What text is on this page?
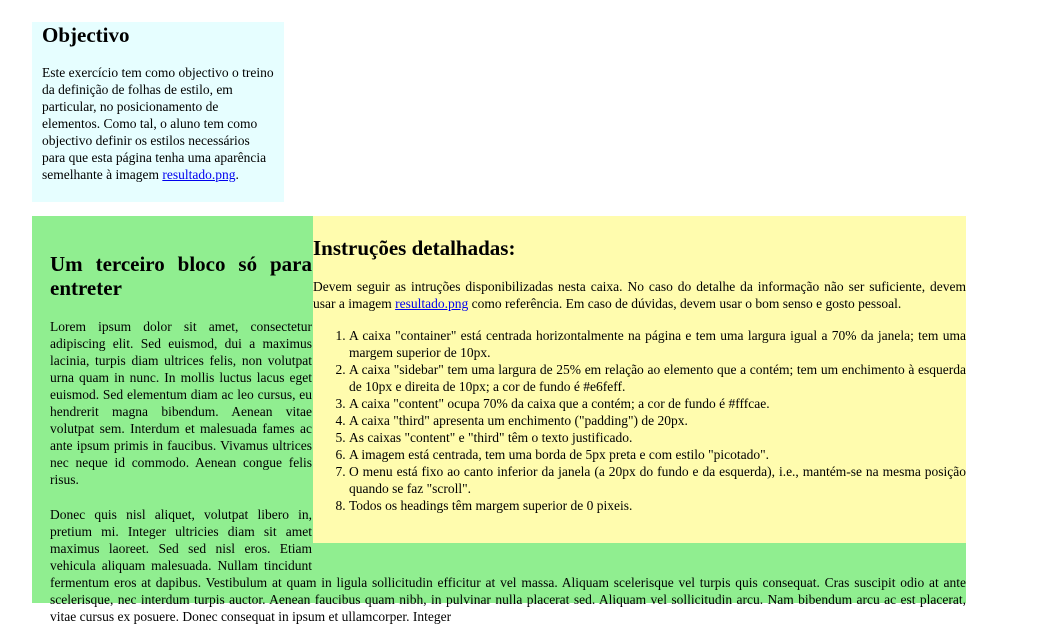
Objectivo

Este exercício tem como objectivo o treino da definição de folhas de estilo, em particular, no posicionamento de elementos. Como tal, o aluno tem como objectivo definir os estilos necessários para que esta página tenha uma aparência semelhante à imagem resultado.png.

Um terceiro bloco só para entreter

Lorem ipsum dolor sit amet, consectetur adipiscing elit. Sed euismod, dui a maximus lacinia, turpis diam ultrices felis, non volutpat urna quam in nunc. In mollis luctus lacus eget euismod. Sed elementum diam ac leo cursus, eu hendrerit magna bibendum. Aenean vitae volutpat sem. Interdum et malesuada fames ac ante ipsum primis in faucibus. Vivamus ultrices nec neque id commodo. Aenean congue felis risus.

Donec quis nisl aliquet, volutpat libero in, pretium mi. Integer ultricies diam sit amet maximus laoreet. Sed sed nisl eros. Etiam vehicula aliquam malesuada. Nullam tincidunt fermentum eros at dapibus. Vestibulum at quam in ligula sollicitudin efficitur at vel massa. Aliquam scelerisque vel turpis quis consequat. Cras suscipit odio at ante scelerisque, nec interdum turpis auctor. Aenean faucibus quam nibh, in pulvinar nulla placerat sed. Aliquam vel sollicitudin arcu. Nam bibendum arcu ac est placerat, vitae cursus ex posuere. Donec consequat in ipsum et ullamcorper. Integer

Instruções detalhadas:

Devem seguir as intruções disponibilizadas nesta caixa. No caso do detalhe da informação não ser suficiente, devem usar a imagem resultado.png como referência. Em caso de dúvidas, devem usar o bom senso e gosto pessoal.

1. A caixa "container" está centrada horizontalmente na página e tem uma largura igual a 70% da janela; tem uma margem superior de 10px.
2. A caixa "sidebar" tem uma largura de 25% em relação ao elemento que a contém; tem um enchimento à esquerda de 10px e direita de 10px; a cor de fundo é #e6feff.
3. A caixa "content" ocupa 70% da caixa que a contém; a cor de fundo é #fffcae.
4. A caixa "third" apresenta um enchimento ("padding") de 20px.
5. As caixas "content" e "third" têm o texto justificado.
6. A imagem está centrada, tem uma borda de 5px preta e com estilo "picotado".
7. O menu está fixo ao canto inferior da janela (a 20px do fundo e da esquerda), i.e., mantém-se na mesma posição quando se faz "scroll".
8. Todos os headings têm margem superior de 0 pixeis.
